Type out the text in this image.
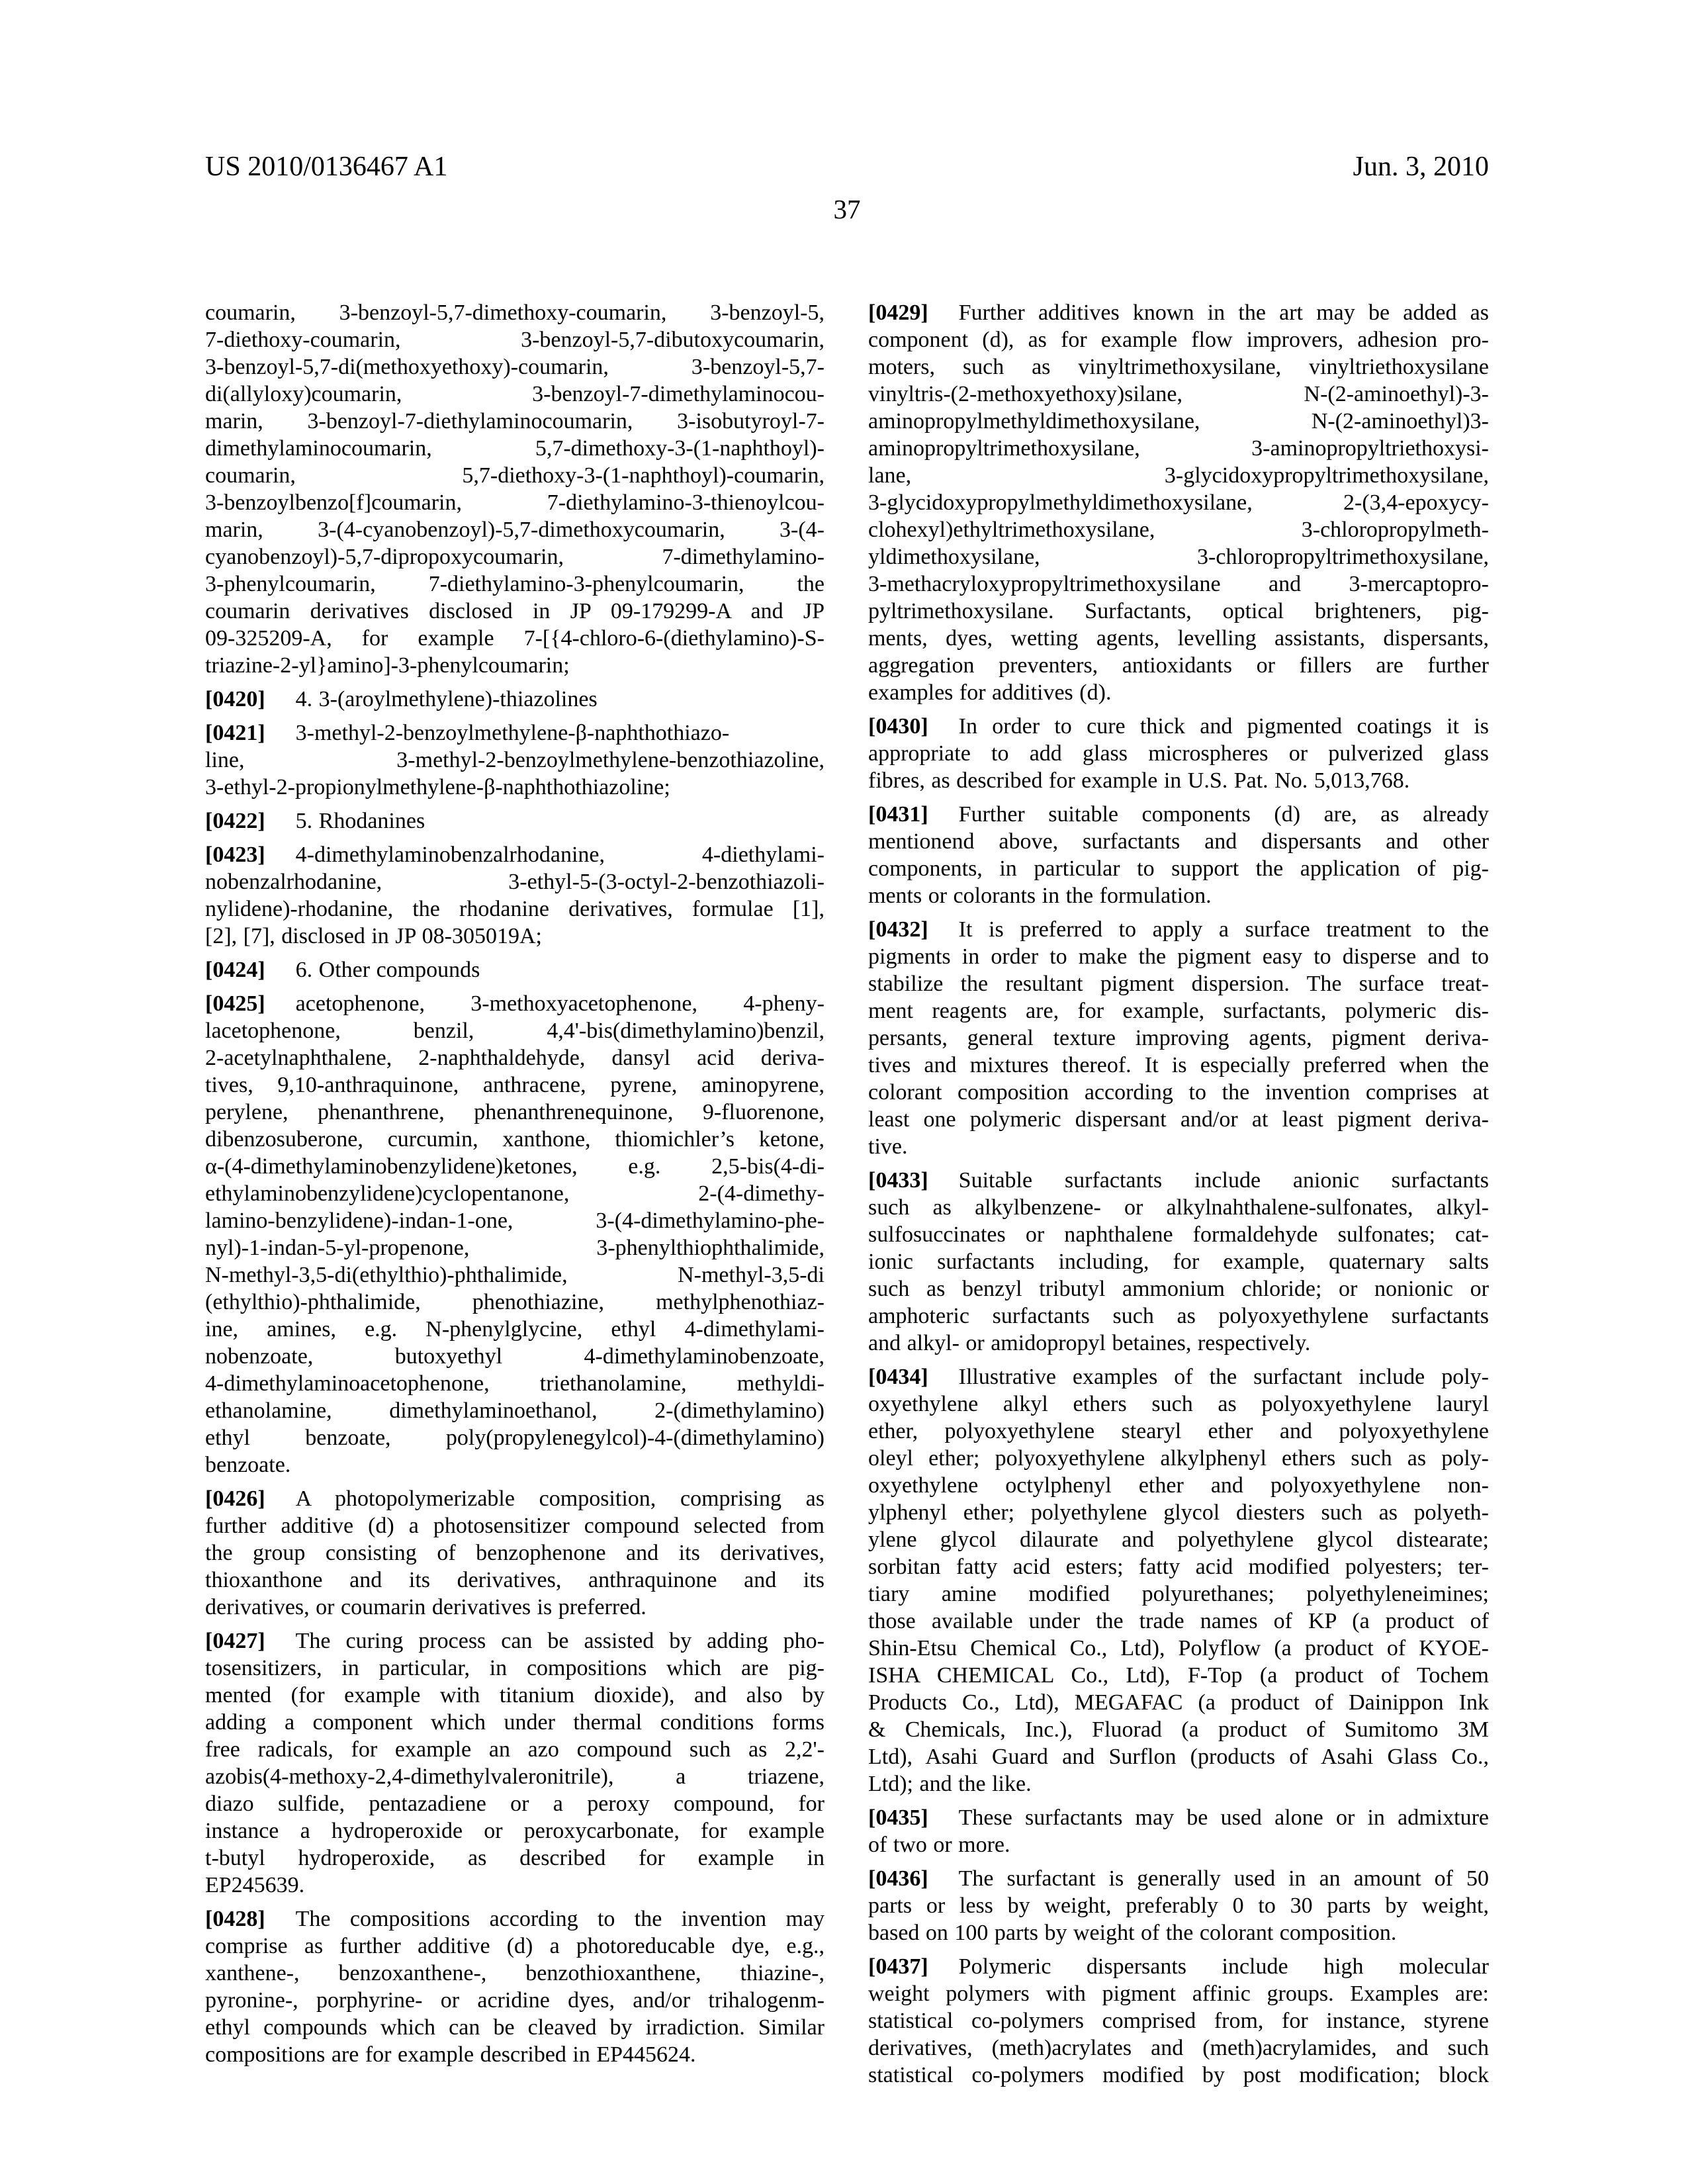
US 2010/0136467 A1	Jun. 3, 2010
37
coumarin, 3-benzoyl-5,7-dimethoxy-coumarin, 3-benzoyl-5,
7-diethoxy-coumarin, 3-benzoyl-5,7-dibutoxycoumarin,
3-benzoyl-5,7-di(methoxyethoxy)-coumarin, 3-benzoyl-5,7-
di(allyloxy)coumarin, 3-benzoyl-7-dimethylaminocou-
marin, 3-benzoyl-7-diethylaminocoumarin, 3-isobutyroyl-7-
dimethylaminocoumarin, 5,7-dimethoxy-3-(1-naphthoyl)-
coumarin, 5,7-diethoxy-3-(1-naphthoyl)-coumarin,
3-benzoylbenzo[f]coumarin, 7-diethylamino-3-thienoylcou-
marin, 3-(4-cyanobenzoyl)-5,7-dimethoxycoumarin, 3-(4-
cyanobenzoyl)-5,7-dipropoxycoumarin, 7-dimethylamino-
3-phenylcoumarin, 7-diethylamino-3-phenylcoumarin, the
coumarin derivatives disclosed in JP 09-179299-A and JP
09-325209-A, for example 7-[{4-chloro-6-(diethylamino)-S-
triazine-2-yl}amino]-3-phenylcoumarin;
[0420] 4. 3-(aroylmethylene)-thiazolines
[0421] 3-methyl-2-benzoylmethylene-β-naphthothiazo-
line, 3-methyl-2-benzoylmethylene-benzothiazoline,
3-ethyl-2-propionylmethylene-β-naphthothiazoline;
[0422] 5. Rhodanines
[0423] 4-dimethylaminobenzalrhodanine, 4-diethylami-
nobenzalrhodanine, 3-ethyl-5-(3-octyl-2-benzothiazoli-
nylidene)-rhodanine, the rhodanine derivatives, formulae [1],
[2], [7], disclosed in JP 08-305019A;
[0424] 6. Other compounds
[0425] acetophenone, 3-methoxyacetophenone, 4-pheny-
lacetophenone, benzil, 4,4'-bis(dimethylamino)benzil,
2-acetylnaphthalene, 2-naphthaldehyde, dansyl acid deriva-
tives, 9,10-anthraquinone, anthracene, pyrene, aminopyrene,
perylene, phenanthrene, phenanthrenequinone, 9-fluorenone,
dibenzosuberone, curcumin, xanthone, thiomichler’s ketone,
α-(4-dimethylaminobenzylidene)ketones, e.g. 2,5-bis(4-di-
ethylaminobenzylidene)cyclopentanone, 2-(4-dimethy-
lamino-benzylidene)-indan-1-one, 3-(4-dimethylamino-phe-
nyl)-1-indan-5-yl-propenone, 3-phenylthiophthalimide,
N-methyl-3,5-di(ethylthio)-phthalimide, N-methyl-3,5-di
(ethylthio)-phthalimide, phenothiazine, methylphenothiaz-
ine, amines, e.g. N-phenylglycine, ethyl 4-dimethylami-
nobenzoate, butoxyethyl 4-dimethylaminobenzoate,
4-dimethylaminoacetophenone, triethanolamine, methyldi-
ethanolamine, dimethylaminoethanol, 2-(dimethylamino)
ethyl benzoate, poly(propylenegylcol)-4-(dimethylamino)
benzoate.
[0426] A photopolymerizable composition, comprising as
further additive (d) a photosensitizer compound selected from
the group consisting of benzophenone and its derivatives,
thioxanthone and its derivatives, anthraquinone and its
derivatives, or coumarin derivatives is preferred.
[0427] The curing process can be assisted by adding pho-
tosensitizers, in particular, in compositions which are pig-
mented (for example with titanium dioxide), and also by
adding a component which under thermal conditions forms
free radicals, for example an azo compound such as 2,2'-
azobis(4-methoxy-2,4-dimethylvaleronitrile), a triazene,
diazo sulfide, pentazadiene or a peroxy compound, for
instance a hydroperoxide or peroxycarbonate, for example
t-butyl hydroperoxide, as described for example in
EP245639.
[0428] The compositions according to the invention may
comprise as further additive (d) a photoreducable dye, e.g.,
xanthene-, benzoxanthene-, benzothioxanthene, thiazine-,
pyronine-, porphyrine- or acridine dyes, and/or trihalogenm-
ethyl compounds which can be cleaved by irradiction. Similar
compositions are for example described in EP445624.
[0429] Further additives known in the art may be added as
component (d), as for example flow improvers, adhesion pro-
moters, such as vinyltrimethoxysilane, vinyltriethoxysilane
vinyltris-(2-methoxyethoxy)silane, N-(2-aminoethyl)-3-
aminopropylmethyldimethoxysilane, N-(2-aminoethyl)3-
aminopropyltrimethoxysilane, 3-aminopropyltriethoxysi-
lane, 3-glycidoxypropyltrimethoxysilane,
3-glycidoxypropylmethyldimethoxysilane, 2-(3,4-epoxycy-
clohexyl)ethyltrimethoxysilane, 3-chloropropylmeth-
yldimethoxysilane, 3-chloropropyltrimethoxysilane,
3-methacryloxypropyltrimethoxysilane and 3-mercaptopro-
pyltrimethoxysilane. Surfactants, optical brighteners, pig-
ments, dyes, wetting agents, levelling assistants, dispersants,
aggregation preventers, antioxidants or fillers are further
examples for additives (d).
[0430] In order to cure thick and pigmented coatings it is
appropriate to add glass microspheres or pulverized glass
fibres, as described for example in U.S. Pat. No. 5,013,768.
[0431] Further suitable components (d) are, as already
mentionend above, surfactants and dispersants and other
components, in particular to support the application of pig-
ments or colorants in the formulation.
[0432] It is preferred to apply a surface treatment to the
pigments in order to make the pigment easy to disperse and to
stabilize the resultant pigment dispersion. The surface treat-
ment reagents are, for example, surfactants, polymeric dis-
persants, general texture improving agents, pigment deriva-
tives and mixtures thereof. It is especially preferred when the
colorant composition according to the invention comprises at
least one polymeric dispersant and/or at least pigment deriva-
tive.
[0433] Suitable surfactants include anionic surfactants
such as alkylbenzene- or alkylnahthalene-sulfonates, alkyl-
sulfosuccinates or naphthalene formaldehyde sulfonates; cat-
ionic surfactants including, for example, quaternary salts
such as benzyl tributyl ammonium chloride; or nonionic or
amphoteric surfactants such as polyoxyethylene surfactants
and alkyl- or amidopropyl betaines, respectively.
[0434] Illustrative examples of the surfactant include poly-
oxyethylene alkyl ethers such as polyoxyethylene lauryl
ether, polyoxyethylene stearyl ether and polyoxyethylene
oleyl ether; polyoxyethylene alkylphenyl ethers such as poly-
oxyethylene octylphenyl ether and polyoxyethylene non-
ylphenyl ether; polyethylene glycol diesters such as polyeth-
ylene glycol dilaurate and polyethylene glycol distearate;
sorbitan fatty acid esters; fatty acid modified polyesters; ter-
tiary amine modified polyurethanes; polyethyleneimines;
those available under the trade names of KP (a product of
Shin-Etsu Chemical Co., Ltd), Polyflow (a product of KYOE-
ISHA CHEMICAL Co., Ltd), F-Top (a product of Tochem
Products Co., Ltd), MEGAFAC (a product of Dainippon Ink
& Chemicals, Inc.), Fluorad (a product of Sumitomo 3M
Ltd), Asahi Guard and Surflon (products of Asahi Glass Co.,
Ltd); and the like.
[0435] These surfactants may be used alone or in admixture
of two or more.
[0436] The surfactant is generally used in an amount of 50
parts or less by weight, preferably 0 to 30 parts by weight,
based on 100 parts by weight of the colorant composition.
[0437] Polymeric dispersants include high molecular
weight polymers with pigment affinic groups. Examples are:
statistical co-polymers comprised from, for instance, styrene
derivatives, (meth)acrylates and (meth)acrylamides, and such
statistical co-polymers modified by post modification; block
